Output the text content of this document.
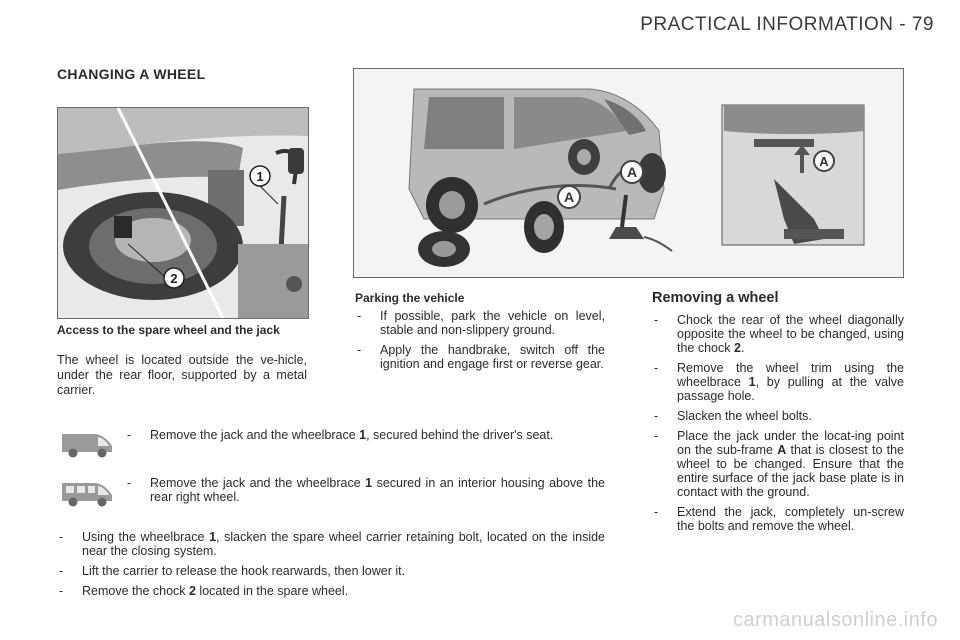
PRACTICAL INFORMATION - 79
CHANGING A WHEEL
1
2
A
A
A
Access to the spare wheel and the jack
The wheel is located outside the ve-hicle, under the rear floor, supported by a metal carrier.
Parking the vehicle
- If possible, park the vehicle on level, stable and non-slippery ground.
- Apply the handbrake, switch off the ignition and engage first or reverse gear.
Removing a wheel
- Chock the rear of the wheel diagonally opposite the wheel to be changed, using the chock 2.
- Remove the wheel trim using the wheelbrace 1, by pulling at the valve passage hole.
- Slacken the wheel bolts.
- Place the jack under the locat-ing point on the sub-frame A that is closest to the wheel to be changed. Ensure that the entire surface of the jack base plate is in contact with the ground.
- Extend the jack, completely un-screw the bolts and remove the wheel.
- Remove the jack and the wheelbrace 1, secured behind the driver's seat.
- Remove the jack and the wheelbrace 1 secured in an interior housing above the rear right wheel.
- Using the wheelbrace 1, slacken the spare wheel carrier retaining bolt, located on the inside near the closing system.
- Lift the carrier to release the hook rearwards, then lower it.
- Remove the chock 2 located in the spare wheel.
carmanualsonline.info
